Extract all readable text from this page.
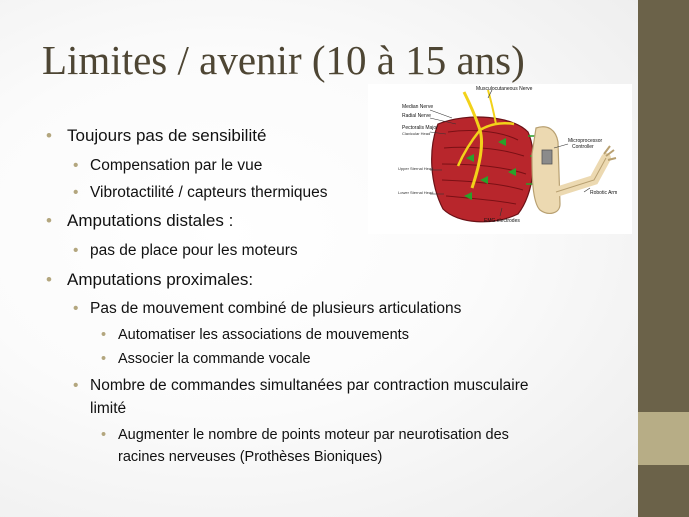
Limites / avenir (10 à 15 ans)
• Toujours pas de sensibilité
• Compensation par le vue
• Vibrotactilité / capteurs thermiques
• Amputations distales :
• pas de place pour les moteurs
• Amputations proximales:
• Pas de mouvement combiné de plusieurs articulations
• Automatiser les associations de mouvements
• Associer la commande vocale
• Nombre de commandes simultanées par contraction musculaire
limité
• Augmenter le nombre de points moteur par neurotisation des
racines nerveuses (Prothèses Bioniques)
Musculocutaneous Nerve
Median Nerve
Radial Nerve
Pectoralis Major
Clavicular Head
Upper Sternal Head
Lower Sternal Head
Microprocessor
Controller
Robotic Arm
EMG electrodes
